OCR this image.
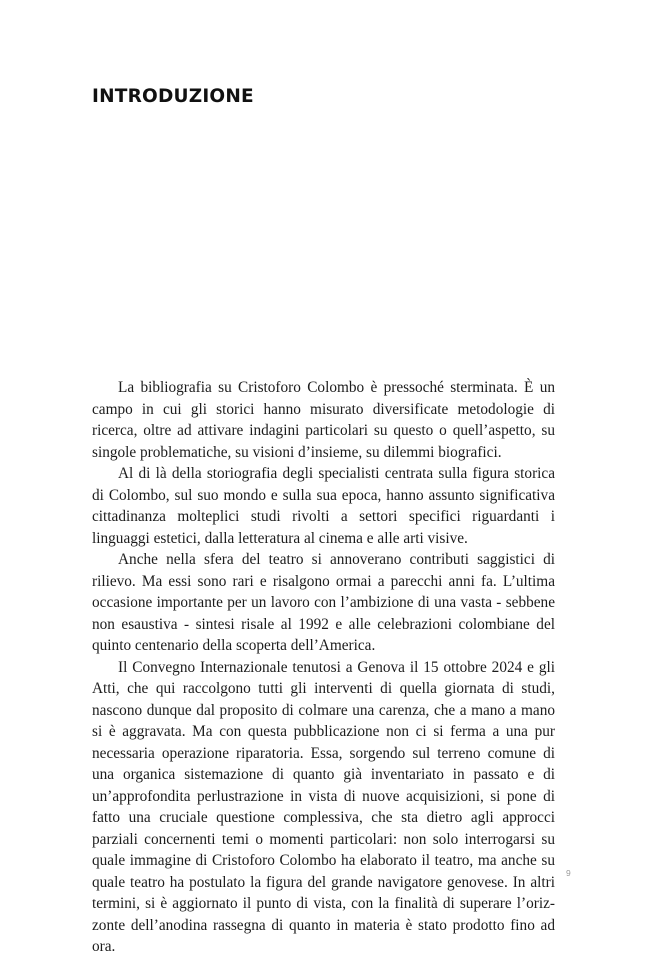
INTRODUZIONE

La bibliografia su Cristoforo Colombo è pressoché sterminata. È un campo in cui gli storici hanno misurato diversificate metodologie di ricerca, oltre ad attivare indagini particolari su questo o quell’aspetto, su singole problematiche, su visioni d’insieme, su dilemmi biografici.

Al di là della storiografia degli specialisti centrata sulla figura storica di Colombo, sul suo mondo e sulla sua epoca, hanno assunto significativa cittadinanza molteplici studi rivolti a settori specifici riguardanti i linguaggi estetici, dalla letteratura al cinema e alle arti visive.

Anche nella sfera del teatro si annoverano contributi saggistici di rilievo. Ma essi sono rari e risalgono ormai a parecchi anni fa. L’ultima occasione importante per un lavoro con l’ambizione di una vasta - sebbene non esaustiva - sintesi risale al 1992 e alle celebrazioni colombiane del quinto centenario della scoperta dell’America.

Il Convegno Internazionale tenutosi a Genova il 15 ottobre 2024 e gli Atti, che qui raccolgono tutti gli interventi di quella giornata di studi, nascono dunque dal proposito di colmare una carenza, che a mano a mano si è aggravata. Ma con questa pubblicazione non ci si ferma a una pur necessaria operazione riparatoria. Essa, sorgendo sul terreno comune di una organica sistemazione di quanto già inventariato in passato e di un’approfondita perlustrazione in vista di nuove acquisizioni, si pone di fatto una cruciale questione complessiva, che sta dietro agli approcci parziali concernenti temi o momenti particolari: non solo interrogarsi su quale immagine di Cristoforo Colombo ha elaborato il teatro, ma anche su quale teatro ha postulato la figura del grande navigatore genovese. In altri termini, si è aggiornato il punto di vista, con la finalità di superare l’orizzonte dell’anodina rassegna di quanto in materia è stato prodotto fino ad ora.

9
